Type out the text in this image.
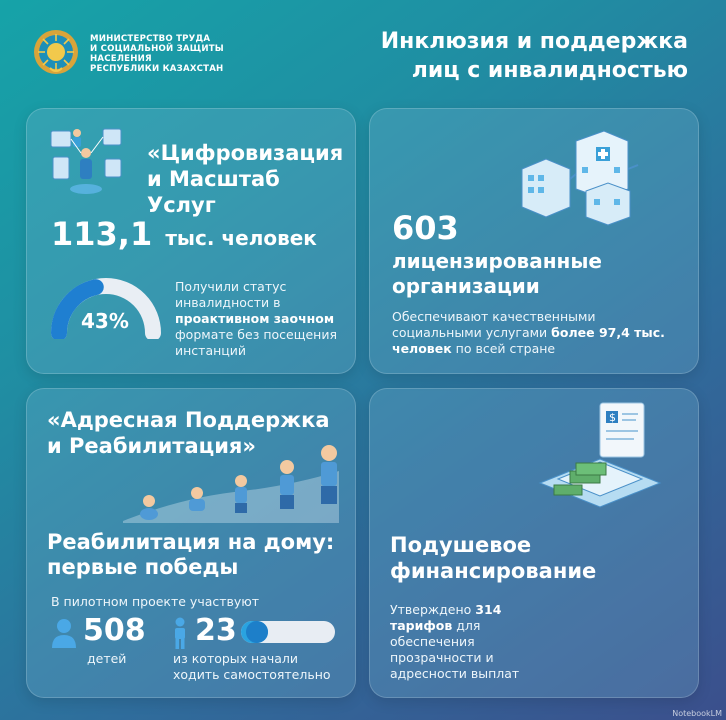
МИНИСТЕРСТВО ТРУДА
И СОЦИАЛЬНОЙ ЗАЩИТЫ
НАСЕЛЕНИЯ
РЕСПУБЛИКИ КАЗАХСТАН
Инклюзия и поддержка
лиц с инвалидностью
«Цифровизация
и Масштаб Услуг
113,1 тыс. человек
43%
Получили статус инвалидности в проактивном заочном формате без посещения инстанций
603
лицензированные
организации
Обеспечивают качественными социальными услугами более 97,4 тыс. человек по всей стране
«Адресная Поддержка
и Реабилитация»
Реабилитация на дому:
первые победы
В пилотном проекте участвуют
508
детей
23
из которых начали
ходить самостоятельно
$
Подушевое
финансирование
Утверждено 314 тарифов для обеспечения прозрачности и адресности выплат
NotebookLM
